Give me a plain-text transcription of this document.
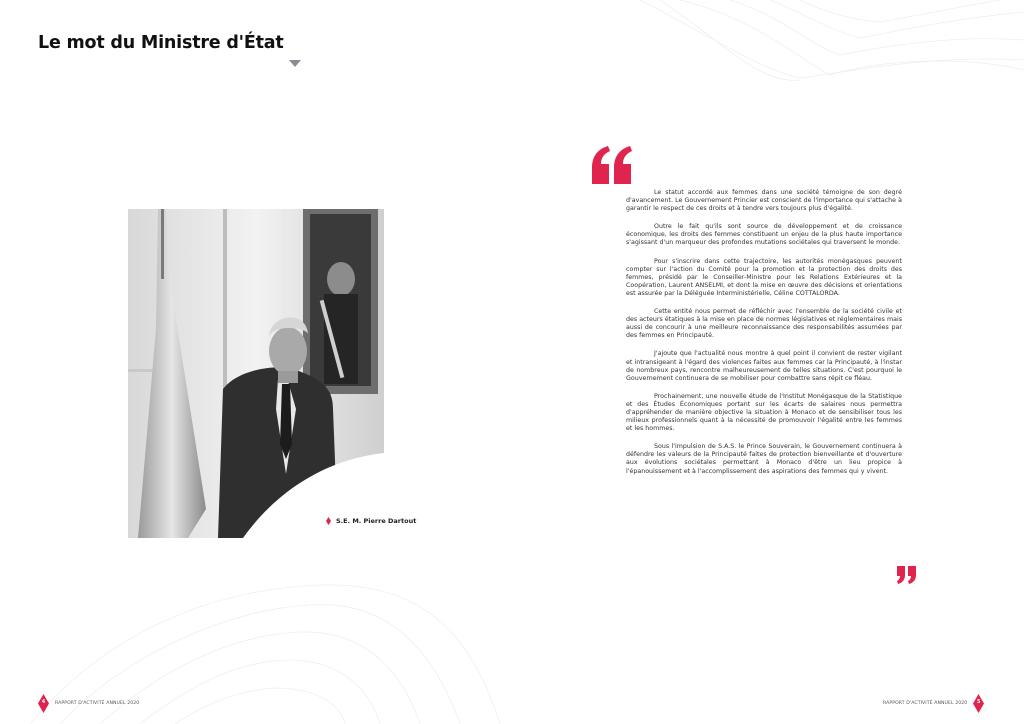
Le mot du Ministre d'État
S.E. M. Pierre Dartout

Le statut accordé aux femmes dans une société témoigne de son degré d'avancement. Le Gouvernement Princier est conscient de l'importance qui s'attache à garantir le respect de ces droits et à tendre vers toujours plus d'égalité.

Outre le fait qu'ils sont source de développement et de croissance économique, les droits des femmes constituent un enjeu de la plus haute importance s'agissant d'un marqueur des profondes mutations sociétales qui traversent le monde.

Pour s'inscrire dans cette trajectoire, les autorités monégasques peuvent compter sur l'action du Comité pour la promotion et la protection des droits des femmes, présidé par le Conseiller-Ministre pour les Relations Extérieures et la Coopération, Laurent ANSELMI, et dont la mise en œuvre des décisions et orientations est assurée par la Déléguée Interministérielle, Céline COTTALORDA.

Cette entité nous permet de réfléchir avec l'ensemble de la société civile et des acteurs étatiques à la mise en place de normes législatives et réglementaires mais aussi de concourir à une meilleure reconnaissance des responsabilités assumées par des femmes en Principauté.

J'ajoute que l'actualité nous montre à quel point il convient de rester vigilant et intransigeant à l'égard des violences faites aux femmes car la Principauté, à l'instar de nombreux pays, rencontre malheureusement de telles situations. C'est pourquoi le Gouvernement continuera de se mobiliser pour combattre sans répit ce fléau.

Prochainement, une nouvelle étude de l'Institut Monégasque de la Statistique et des Études Économiques portant sur les écarts de salaires nous permettra d'appréhender de manière objective la situation à Monaco et de sensibiliser tous les milieux professionnels quant à la nécessité de promouvoir l'égalité entre les femmes et les hommes.

Sous l'impulsion de S.A.S. le Prince Souverain, le Gouvernement continuera à défendre les valeurs de la Principauté faites de protection bienveillante et d'ouverture aux évolutions sociétales permettant à Monaco d'être un lieu propice à l'épanouissement et à l'accomplissement des aspirations des femmes qui y vivent.

4	RAPPORT D'ACTIVITÉ ANNUEL 2020	RAPPORT D'ACTIVITÉ ANNUEL 2020	5
